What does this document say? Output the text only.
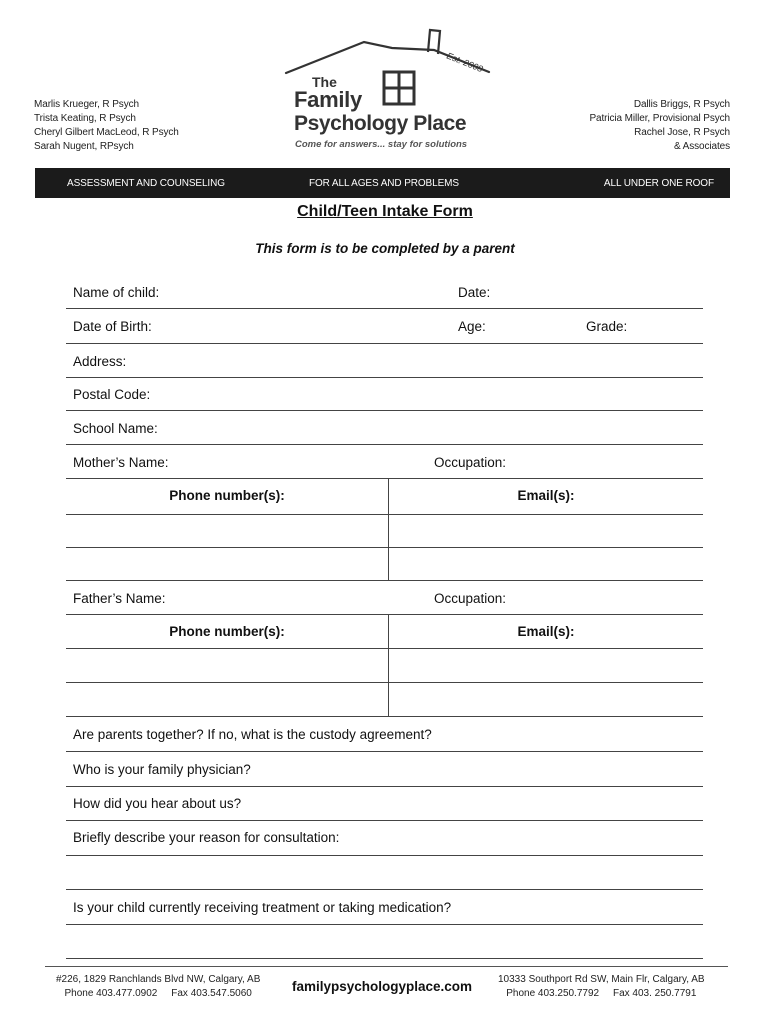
Marlis Krueger, R Psych
Trista Keating, R Psych
Cheryl Gilbert MacLeod, R Psych
Sarah Nugent, RPsych
Dallis Briggs, R Psych
Patricia Miller, Provisional Psych
Rachel Jose, R Psych
& Associates
Est. 2008
The
Family
Psychology Place
Come for answers... stay for solutions
ASSESSMENT AND COUNSELING	FOR ALL AGES AND PROBLEMS	ALL UNDER ONE ROOF
Child/Teen Intake Form
This form is to be completed by a parent
Name of child:	Date:
Date of Birth:	Age:	Grade:
Address:
Postal Code:
School Name:
Mother’s Name:	Occupation:
Phone number(s):	Email(s):
Father’s Name:	Occupation:
Phone number(s):	Email(s):
Are parents together? If no, what is the custody agreement?
Who is your family physician?
How did you hear about us?
Briefly describe your reason for consultation:
Is your child currently receiving treatment or taking medication?
#226, 1829 Ranchlands Blvd NW, Calgary, AB
Phone 403.477.0902     Fax 403.547.5060	familypsychologyplace.com	10333 Southport Rd SW, Main Flr, Calgary, AB
Phone 403.250.7792     Fax 403. 250.7791
